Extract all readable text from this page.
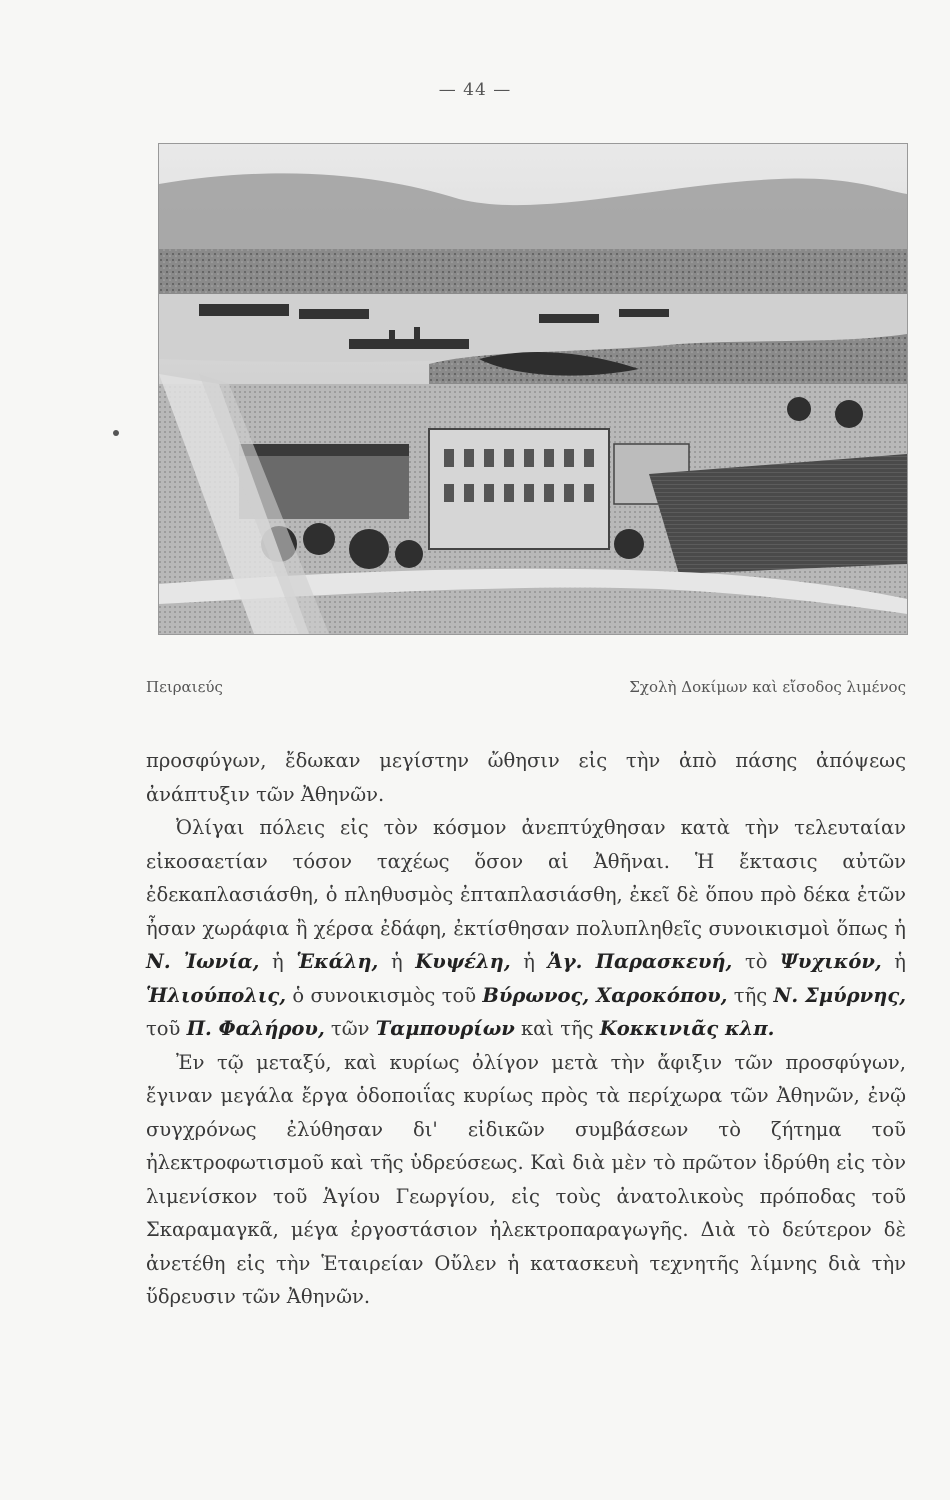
— 44 —
Πειραιεύς	Σχολὴ Δοκίμων καὶ εἴσοδος λιμένος

προσφύγων, ἔδωκαν μεγίστην ὤθησιν εἰς τὴν ἀπὸ πάσης ἀπόψεως ἀνάπτυξιν τῶν Ἀθηνῶν.

Ὀλίγαι πόλεις εἰς τὸν κόσμον ἀνεπτύχθησαν κατὰ τὴν τελευταίαν εἰκοσαετίαν τόσον ταχέως ὅσον αἱ Ἀθῆναι. Ἡ ἔκτασις αὐτῶν ἐδεκαπλασιάσθη, ὁ πληθυσμὸς ἐπταπλασιάσθη, ἐκεῖ δὲ ὅπου πρὸ δέκα ἐτῶν ἦσαν χωράφια ἢ χέρσα ἐδάφη, ἐκτίσθησαν πολυπληθεῖς συνοικισμοὶ ὅπως ἡ Ν. Ἰωνία, ἡ Ἑκάλη, ἡ Κυψέλη, ἡ Ἁγ. Παρασκευή, τὸ Ψυχικόν, ἡ Ἡλιούπολις, ὁ συνοικισμὸς τοῦ Βύρωνος, Χαροκόπου, τῆς Ν. Σμύρνης, τοῦ Π. Φαλήρου, τῶν Ταμπουρίων καὶ τῆς Κοκκινιᾶς κλπ.

Ἐν τῷ μεταξύ, καὶ κυρίως ὀλίγον μετὰ τὴν ἄφιξιν τῶν προσφύγων, ἔγιναν μεγάλα ἔργα ὁδοποιΐας κυρίως πρὸς τὰ περίχωρα τῶν Ἀθηνῶν, ἐνῷ συγχρόνως ἐλύθησαν δι' εἰδικῶν συμβάσεων τὸ ζήτημα τοῦ ἠλεκτροφωτισμοῦ καὶ τῆς ὑδρεύσεως. Καὶ διὰ μὲν τὸ πρῶτον ἱδρύθη εἰς τὸν λιμενίσκον τοῦ Ἁγίου Γεωργίου, εἰς τοὺς ἀνατολικοὺς πρόποδας τοῦ Σκαραμαγκᾶ, μέγα ἐργοστάσιον ἠλεκτροπαραγωγῆς. Διὰ τὸ δεύτερον δὲ ἀνετέθη εἰς τὴν Ἑταιρείαν Οὔλεν ἡ κατασκευὴ τεχνητῆς λίμνης διὰ τὴν ὕδρευσιν τῶν Ἀθηνῶν.
